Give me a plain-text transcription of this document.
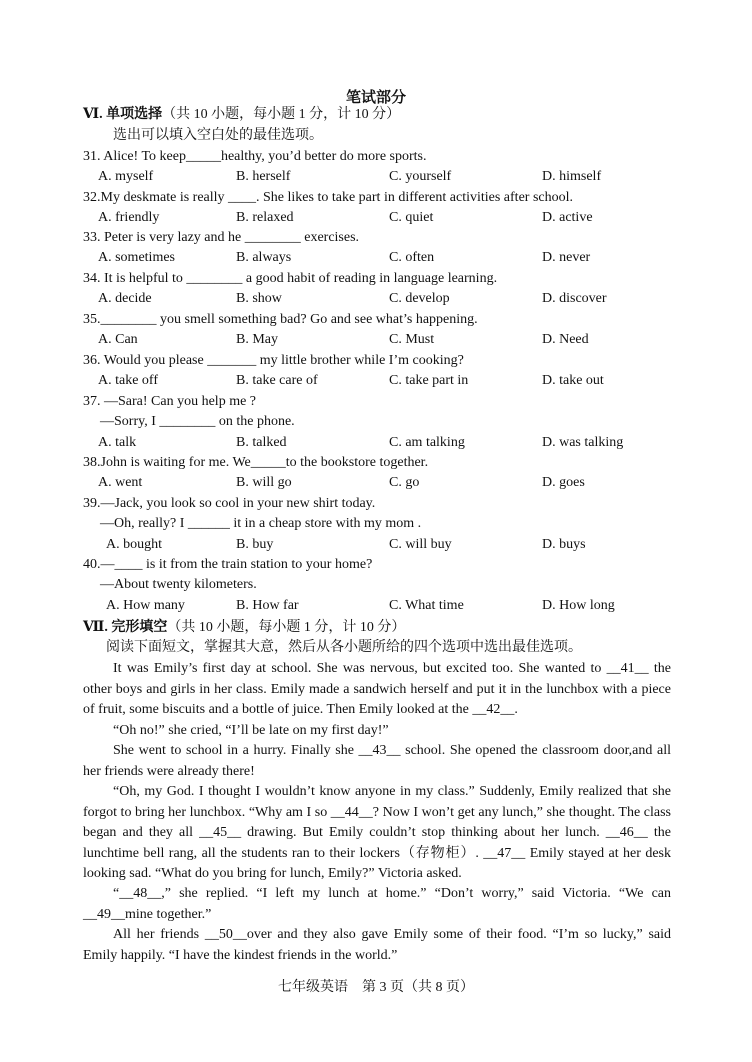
笔试部分
Ⅵ. 单项选择（共 10 小题，每小题 1 分，计 10 分）
选出可以填入空白处的最佳选项。
31. Alice! To keep_____healthy, you’d better do more sports.
A. myself	B. herself	C. yourself	D. himself
32.My deskmate is really ____. She likes to take part in different activities after school.
A. friendly	B. relaxed	C. quiet	D. active
33. Peter is very lazy and he ________ exercises.
A. sometimes	B. always	C. often	D. never
34. It is helpful to ________ a good habit of reading in language learning.
A. decide	B. show	C. develop	D. discover
35.________ you smell something bad? Go and see what’s happening.
A. Can	B. May	C. Must	D. Need
36. Would you please _______ my little brother while I’m cooking?
A. take off	B. take care of	C. take part in	D. take out
37. —Sara! Can you help me ?
—Sorry, I ________ on the phone.
A. talk	B. talked	C. am talking	D. was talking
38.John is waiting for me. We_____to the bookstore together.
A. went	B. will go	C. go	D. goes
39.—Jack, you look so cool in your new shirt today.
—Oh, really? I ______ it in a cheap store with my mom .
A. bought	B. buy	C. will buy	D. buys
40.—____ is it from the train station to your home?
—About twenty kilometers.
A. How many	B. How far	C. What time	D. How long
Ⅶ. 完形填空（共 10 小题，每小题 1 分，计 10 分）
阅读下面短文，掌握其大意，然后从各小题所给的四个选项中选出最佳选项。
It was Emily’s first day at school. She was nervous, but excited too. She wanted to __41__ the other boys and girls in her class. Emily made a sandwich herself and put it in the lunchbox with a piece of fruit, some biscuits and a bottle of juice. Then Emily looked at the __42__.
“Oh no!” she cried, “I’ll be late on my first day!”
She went to school in a hurry. Finally she __43__ school. She opened the classroom door,and all her friends were already there!
“Oh, my God. I thought I wouldn’t know anyone in my class.” Suddenly, Emily realized that she forgot to bring her lunchbox. “Why am I so __44__? Now I won’t get any lunch,” she thought. The class began and they all __45__ drawing. But Emily couldn’t stop thinking about her lunch. __46__ the lunchtime bell rang, all the students ran to their lockers（存物柜）. __47__ Emily stayed at her desk looking sad. “What do you bring for lunch, Emily?” Victoria asked.
“__48__,” she replied. “I left my lunch at home.” “Don’t worry,” said Victoria. “We can __49__mine together.”
All her friends __50__over and they also gave Emily some of their food. “I’m so lucky,” said Emily happily. “I have the kindest friends in the world.”
七年级英语　第 3 页（共 8 页）
